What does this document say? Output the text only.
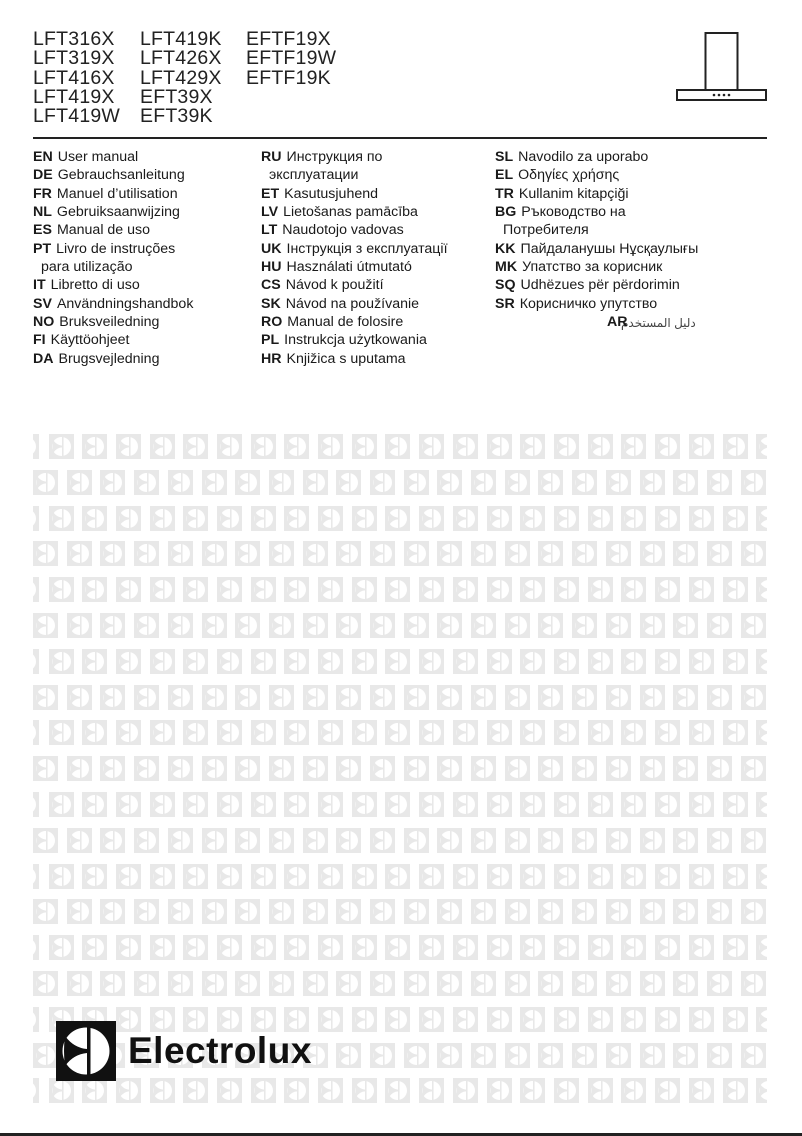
LFT316X
LFT319X
LFT416X
LFT419X
LFT419W
LFT419K
LFT426X
LFT429X
EFT39X
EFT39K
EFTF19X
EFTF19W
EFTF19K
EN User manual
DE Gebrauchsanleitung
FR Manuel d’utilisation
NL Gebruiksaanwijzing
ES Manual de uso
PT Livro de instruções
para utilização
IT Libretto di uso
SV Användningshandbok
NO Bruksveiledning
FI Käyttöohjeet
DA Brugsvejledning
RU Инструкция по
эксплуатации
ET Kasutusjuhend
LV Lietošanas pamācība
LT Naudotojo vadovas
UK Інструкція з експлуатації
HU Használati útmutató
CS Návod k použití
SK Návod na používanie
RO Manual de folosire
PL Instrukcja użytkowania
HR Knjižica s uputama
SL Navodilo za uporabo
EL Οδηγίες χρήσης
TR Kullanim kitapçiği
BG Ръководство на
Потребителя
KK Пайдаланушы Нұсқаулығы
MK Упатство за корисник
SQ Udhëzues për përdorimin
SR Корисничко упутство
AR
دليل المستخدم
Electrolux
